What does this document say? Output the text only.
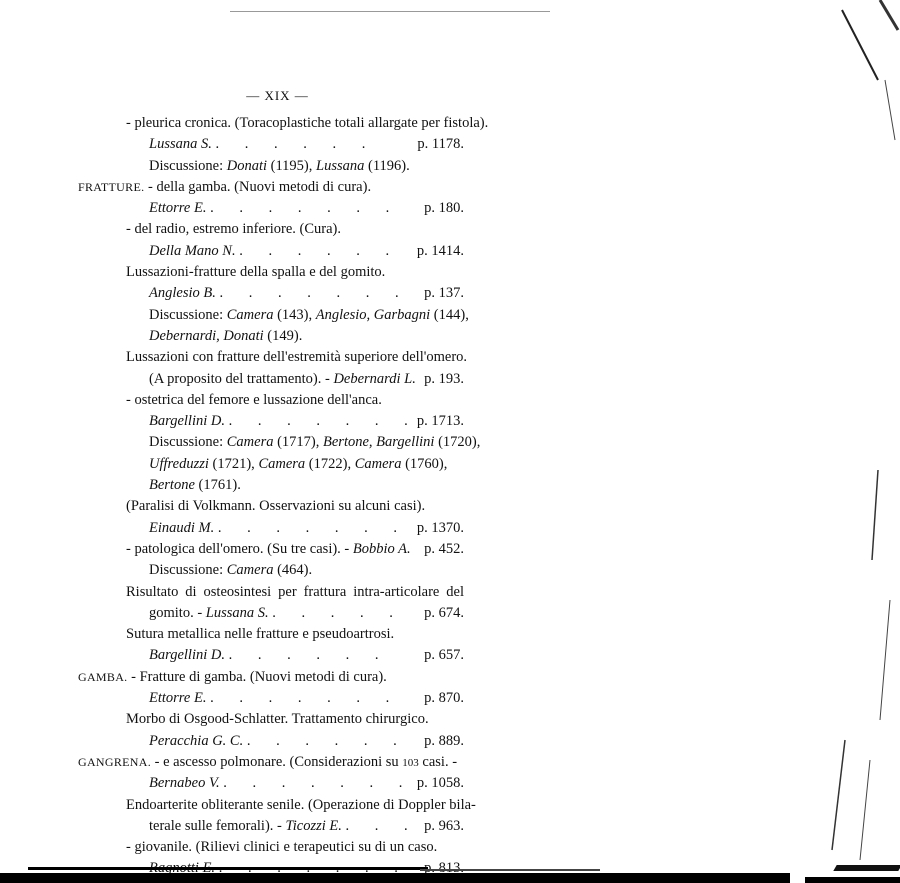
— XIX —
- pleurica cronica. (Toracoplastiche totali allargate per fistola).
Lussana S. . . . . . .	p. 1178.
Discussione: Donati (1195), Lussana (1196).
FRATTURE. - della gamba. (Nuovi metodi di cura).
Ettorre E. . . . . . . . p. 180.
- del radio, estremo inferiore. (Cura).
Della Mano N. . . . . . . p. 1414.
Lussazioni-fratture della spalla e del gomito.
Anglesio B. . . . . . . . p. 137.
Discussione: Camera (143), Anglesio, Garbagni (144),
Debernardi, Donati (149).
Lussazioni con fratture dell'estremità superiore dell'omero.
(A proposito del trattamento). - Debernardi L. p. 193.
- ostetrica del femore e lussazione dell'anca.
Bargellini D. . . . . . . .
p. 1713.
Discussione: Camera (1717), Bertone, Bargellini (1720),
Uffreduzzi (1721), Camera (1722), Camera (1760),
Bertone (1761).
(Paralisi di Volkmann. Osservazioni su alcuni casi).
Einaudi M. . . . . . . . p. 1370.
- patologica dell'omero. (Su tre casi). - Bobbio A. p. 452.
Discussione: Camera (464).
Risultato di osteosintesi per frattura intra-articolare del
gomito. - Lussana S. . . . . . p. 674.
Sutura metallica nelle fratture e pseudoartrosi.
Bargellini D. . . . . . . p. 657.
GAMBA. - Fratture di gamba. (Nuovi metodi di cura).
Ettorre E. . . . . . . . p. 870.
Morbo di Osgood-Schlatter. Trattamento chirurgico.
Peracchia G. C. . . . . . . p. 889.
GANGRENA. - e ascesso polmonare. (Considerazioni su 103 casi. -
Bernabeo V. . . . . . . . p. 1058.
Endoarterite obliterante senile. (Operazione di Doppler bila-
terale sulle femorali). - Ticozzi E. . . . p. 963.
- giovanile. (Rilievi clinici e terapeutici su di un caso.
